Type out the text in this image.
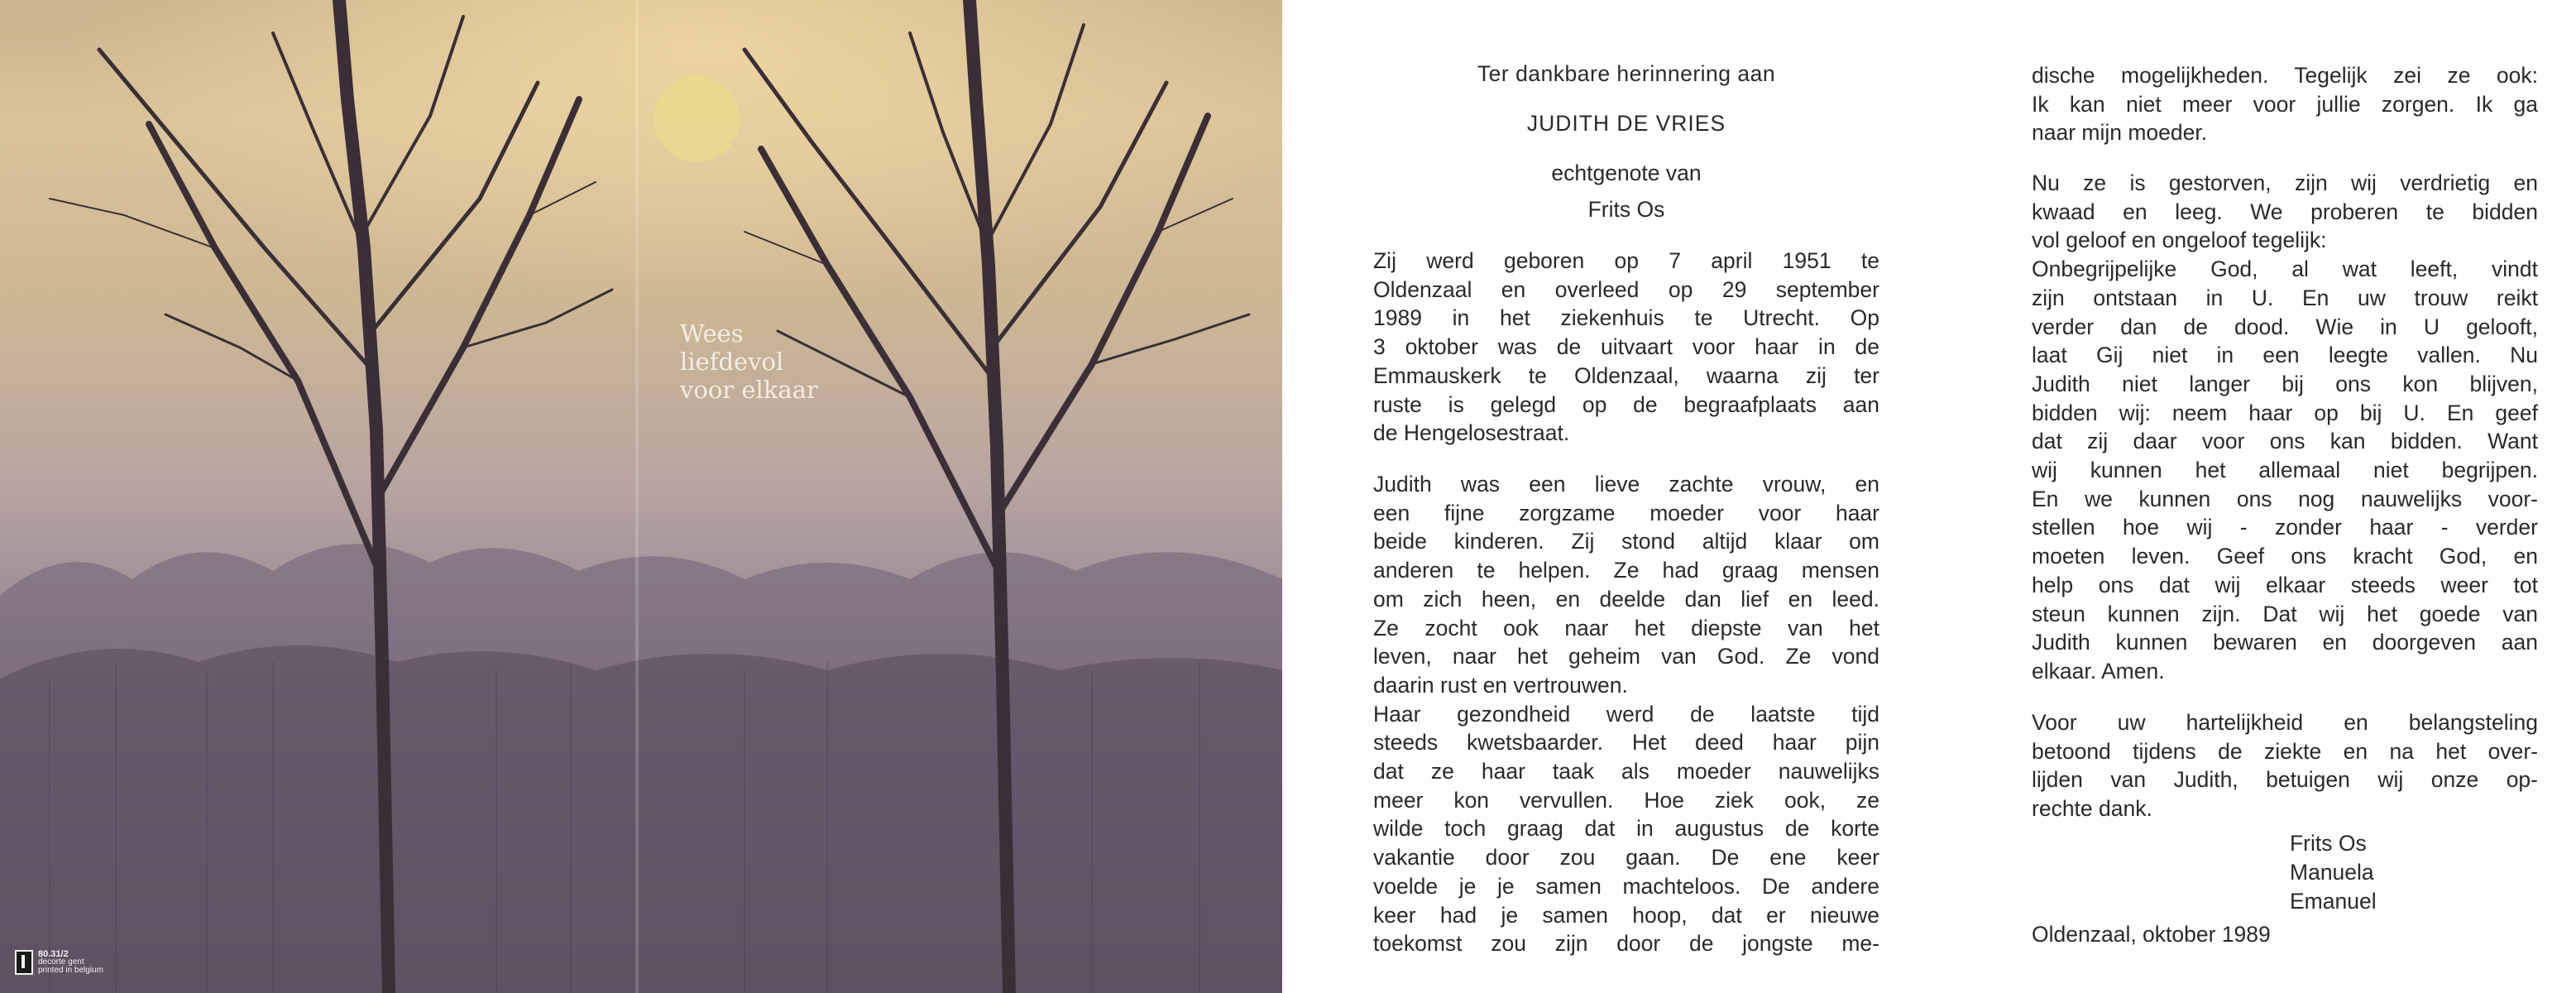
Wees
liefdevol
voor elkaar
80.31/2
decorte gent
printed in belgium
Ter dankbare herinnering aan
JUDITH DE VRIES
echtgenote van
Frits Os
Zij werd geboren op 7 april 1951 te
Oldenzaal en overleed op 29 september
1989 in het ziekenhuis te Utrecht. Op
3 oktober was de uitvaart voor haar in de
Emmauskerk te Oldenzaal, waarna zij ter
ruste is gelegd op de begraafplaats aan
de Hengelosestraat.
Judith was een lieve zachte vrouw, en
een fijne zorgzame moeder voor haar
beide kinderen. Zij stond altijd klaar om
anderen te helpen. Ze had graag mensen
om zich heen, en deelde dan lief en leed.
Ze zocht ook naar het diepste van het
leven, naar het geheim van God. Ze vond
daarin rust en vertrouwen.
Haar gezondheid werd de laatste tijd
steeds kwetsbaarder. Het deed haar pijn
dat ze haar taak als moeder nauwelijks
meer kon vervullen. Hoe ziek ook, ze
wilde toch graag dat in augustus de korte
vakantie door zou gaan. De ene keer
voelde je je samen machteloos. De andere
keer had je samen hoop, dat er nieuwe
toekomst zou zijn door de jongste me-
dische mogelijkheden. Tegelijk zei ze ook:
Ik kan niet meer voor jullie zorgen. Ik ga
naar mijn moeder.
Nu ze is gestorven, zijn wij verdrietig en
kwaad en leeg. We proberen te bidden
vol geloof en ongeloof tegelijk:
Onbegrijpelijke God, al wat leeft, vindt
zijn ontstaan in U. En uw trouw reikt
verder dan de dood. Wie in U gelooft,
laat Gij niet in een leegte vallen. Nu
Judith niet langer bij ons kon blijven,
bidden wij: neem haar op bij U. En geef
dat zij daar voor ons kan bidden. Want
wij kunnen het allemaal niet begrijpen.
En we kunnen ons nog nauwelijks voor-
stellen hoe wij - zonder haar - verder
moeten leven. Geef ons kracht God, en
help ons dat wij elkaar steeds weer tot
steun kunnen zijn. Dat wij het goede van
Judith kunnen bewaren en doorgeven aan
elkaar. Amen.
Voor uw hartelijkheid en belangsteling
betoond tijdens de ziekte en na het over-
lijden van Judith, betuigen wij onze op-
rechte dank.
Frits Os
Manuela
Emanuel
Oldenzaal, oktober 1989
